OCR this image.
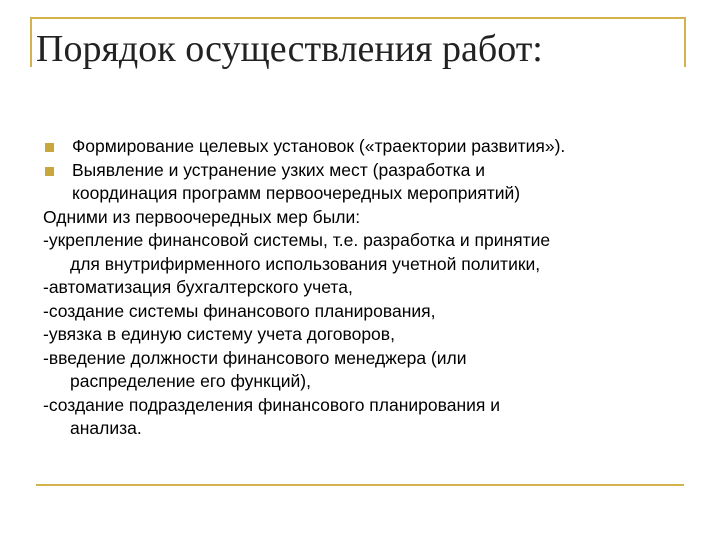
Порядок осуществления работ:
Формирование целевых установок («траектории развития»).
Выявление и устранение узких мест (разработка и
координация программ первоочередных мероприятий)
Одними из первоочередных мер были:
-укрепление финансовой системы, т.е. разработка и принятие
для внутрифирменного использования учетной политики,
-автоматизация бухгалтерского учета,
-создание системы финансового планирования,
-увязка в единую систему учета договоров,
-введение должности финансового менеджера (или
распределение его функций),
-создание подразделения финансового планирования и
анализа.
